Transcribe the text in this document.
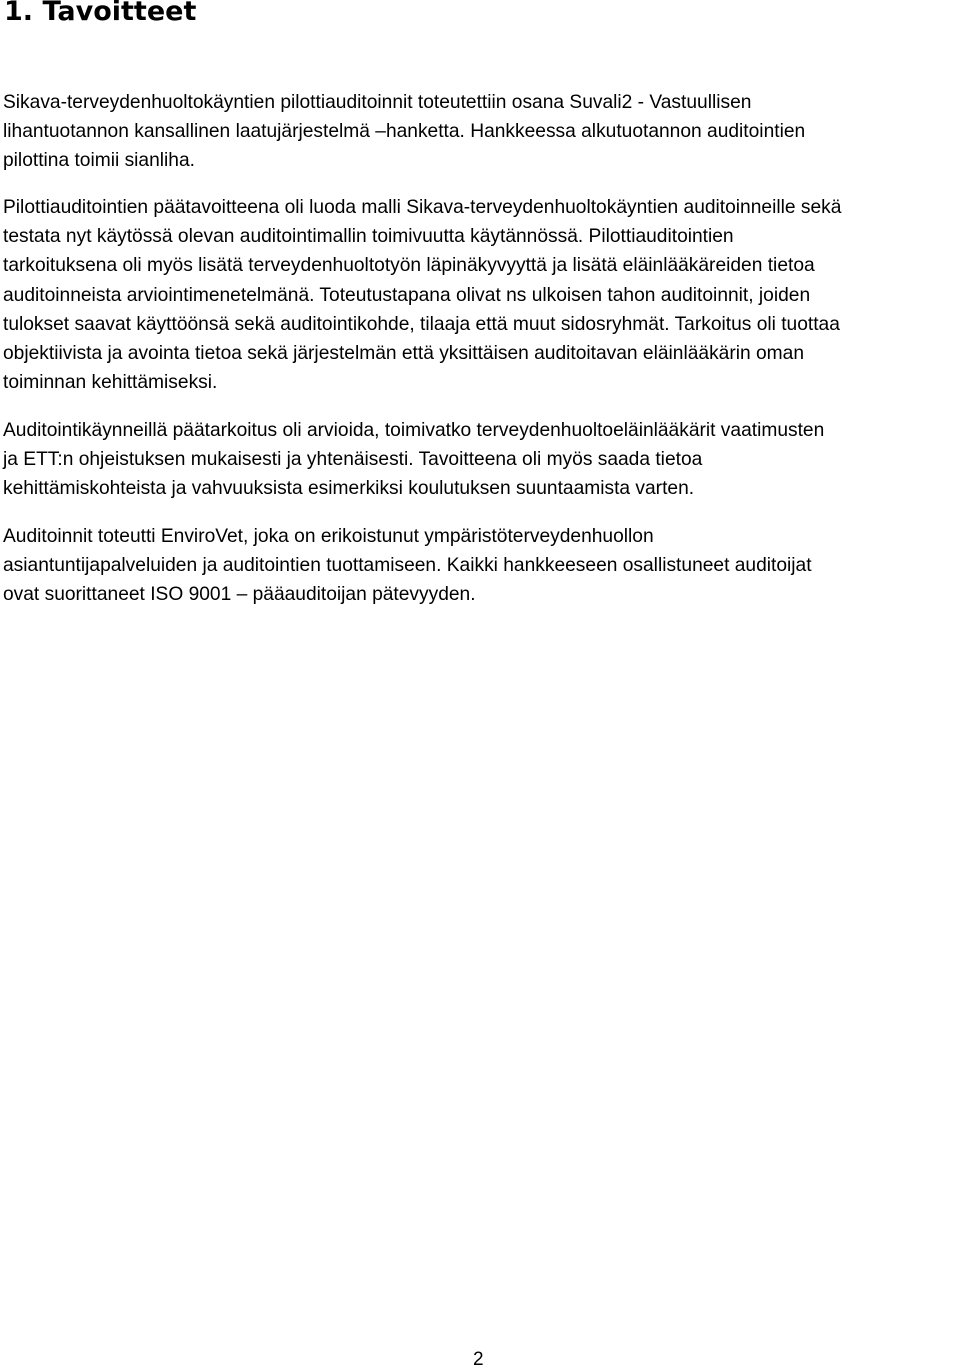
1. Tavoitteet

Sikava-terveydenhuoltokäyntien pilottiauditoinnit toteutettiin osana Suvali2 - Vastuullisen
lihantuotannon kansallinen laatujärjestelmä –hanketta. Hankkeessa alkutuotannon auditointien
pilottina toimii sianliha.

Pilottiauditointien päätavoitteena oli luoda malli Sikava-terveydenhuoltokäyntien auditoinneille sekä
testata nyt käytössä olevan auditointimallin toimivuutta käytännössä. Pilottiauditointien
tarkoituksena oli myös lisätä terveydenhuoltotyön läpinäkyvyyttä ja lisätä eläinlääkäreiden tietoa
auditoinneista arviointimenetelmänä. Toteutustapana olivat ns ulkoisen tahon auditoinnit, joiden
tulokset saavat käyttöönsä sekä auditointikohde, tilaaja että muut sidosryhmät. Tarkoitus oli tuottaa
objektiivista ja avointa tietoa sekä järjestelmän että yksittäisen auditoitavan eläinlääkärin oman
toiminnan kehittämiseksi.

Auditointikäynneillä päätarkoitus oli arvioida, toimivatko terveydenhuoltoeläinlääkärit vaatimusten
ja ETT:n ohjeistuksen mukaisesti ja yhtenäisesti. Tavoitteena oli myös saada tietoa
kehittämiskohteista ja vahvuuksista esimerkiksi koulutuksen suuntaamista varten.

Auditoinnit toteutti EnviroVet, joka on erikoistunut ympäristöterveydenhuollon
asiantuntijapalveluiden ja auditointien tuottamiseen. Kaikki hankkeeseen osallistuneet auditoijat
ovat suorittaneet ISO 9001 – pääauditoijan pätevyyden.

2
